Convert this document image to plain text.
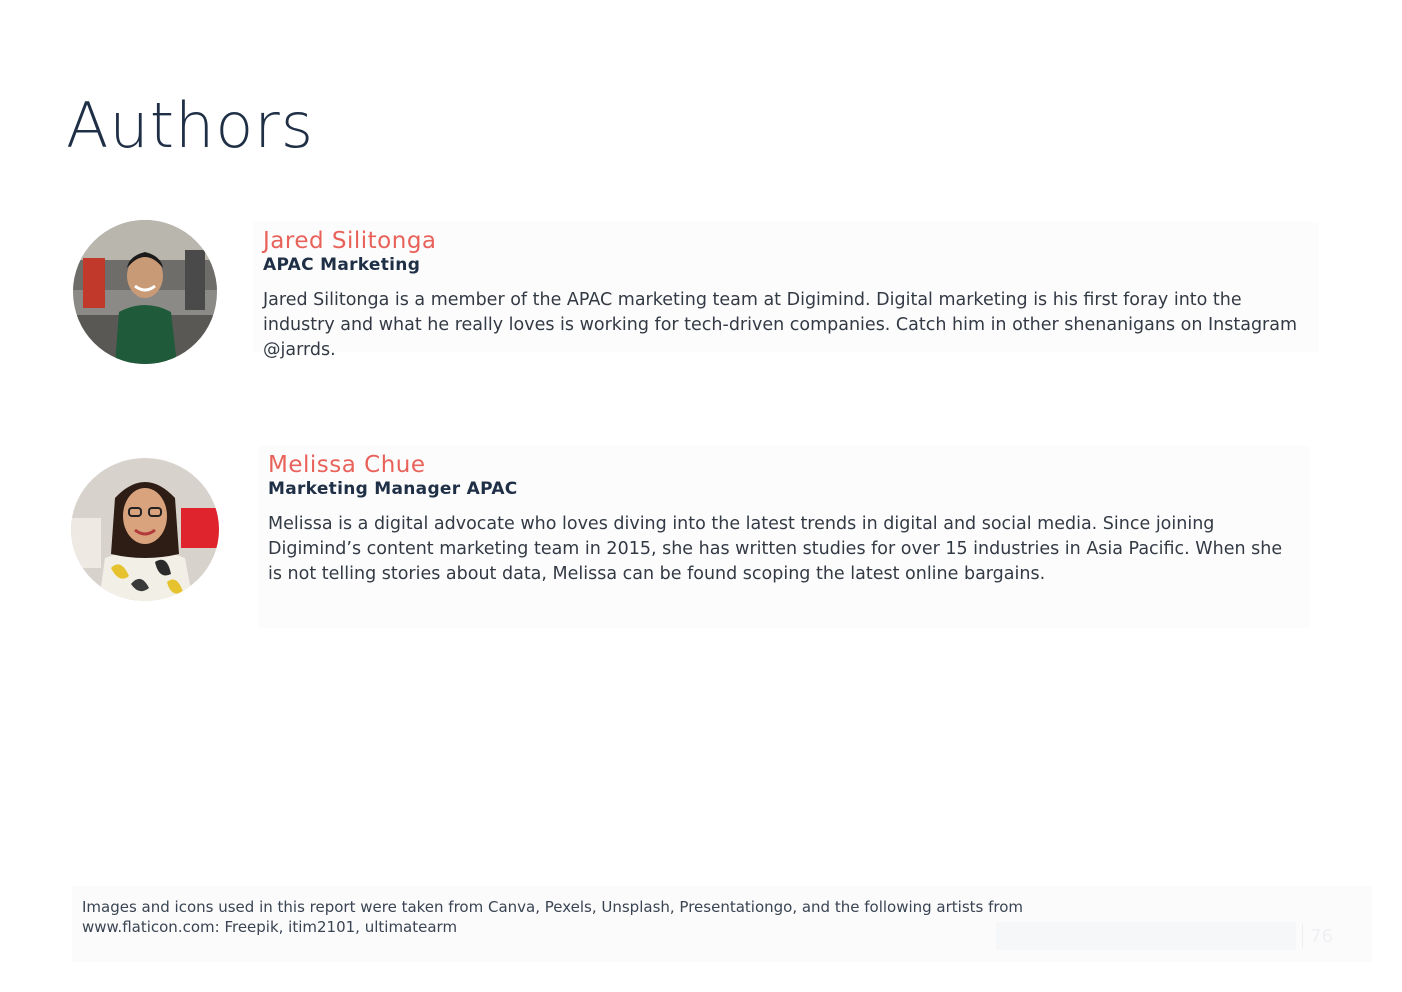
Authors
Jared Silitonga
APAC Marketing

Jared Silitonga is a member of the APAC marketing team at Digimind. Digital marketing is his first foray into the industry and what he really loves is working for tech-driven companies. Catch him in other shenanigans on Instagram @jarrds.

Melissa Chue
Marketing Manager APAC

Melissa is a digital advocate who loves diving into the latest trends in digital and social media. Since joining Digimind’s content marketing team in 2015, she has written studies for over 15 industries in Asia Pacific. When she is not telling stories about data, Melissa can be found scoping the latest online bargains.

Images and icons used in this report were taken from Canva, Pexels, Unsplash, Presentationgo, and the following artists from www.flaticon.com: Freepik, itim2101, ultimatearm	76
